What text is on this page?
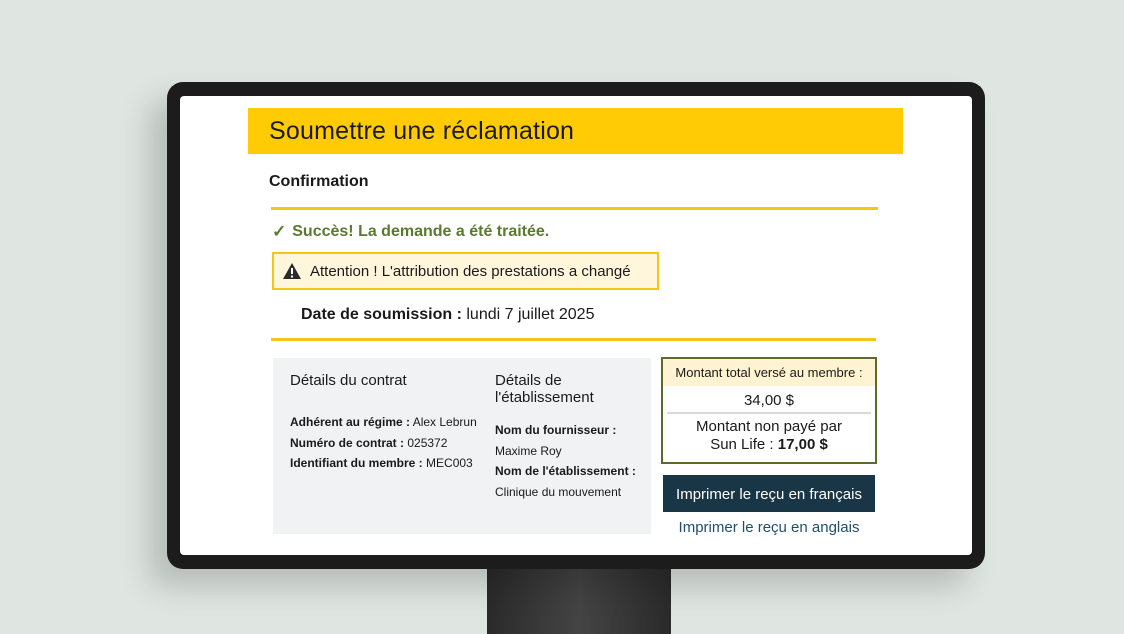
Soumettre une réclamation
Confirmation
✓ Succès! La demande a été traitée.
Attention ! L'attribution des prestations a changé
Date de soumission : lundi 7 juillet 2025
Détails du contrat
Adhérent au régime : Alex Lebrun
Numéro de contrat : 025372
Identifiant du membre : MEC003
Détails de
l'établissement
Nom du fournisseur :
Maxime Roy
Nom de l'établissement :
Clinique du mouvement
Montant total versé au membre :
34,00 $
Montant non payé par
Sun Life : 17,00 $
Imprimer le reçu en français
Imprimer le reçu en anglais
